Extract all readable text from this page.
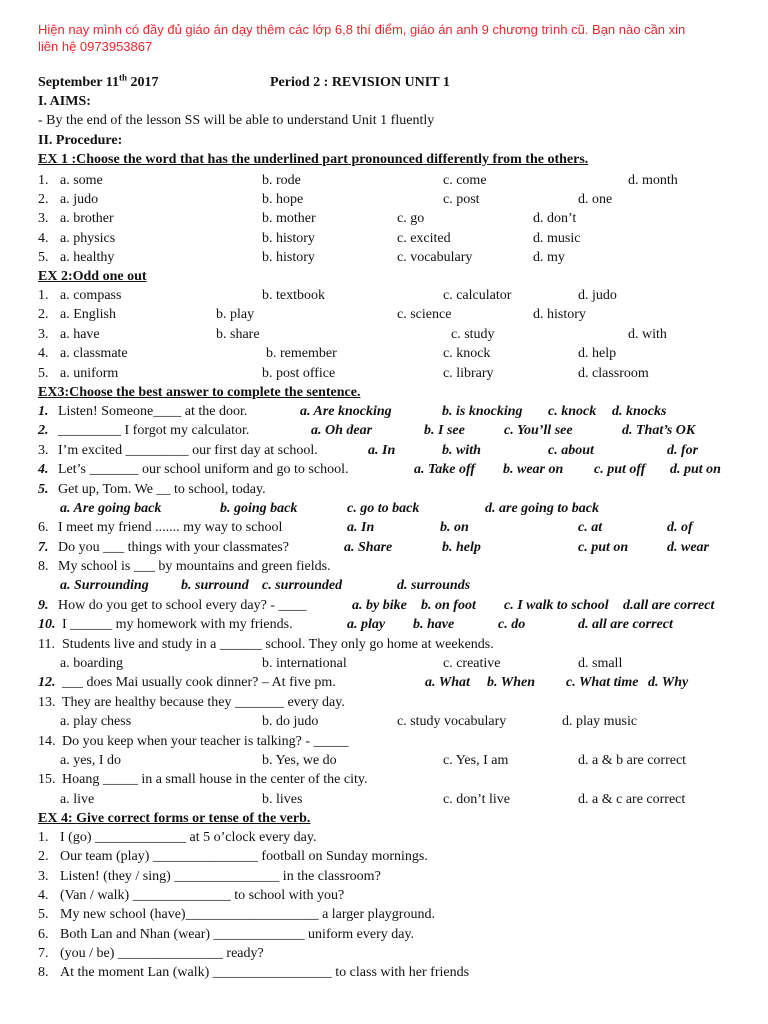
Hiện nay mình có đầy đủ giáo án dạy thêm các lớp 6,8 thí điểm, giáo án anh 9 chương trình cũ. Bạn nào cần xin
liên hệ 0973953867
September 11th 2017	Period 2 : REVISION UNIT 1
I. AIMS:
- By the end of the lesson SS will be able to understand Unit 1 fluently
II. Procedure:
EX 1 :Choose the word that has the underlined part pronounced differently from the others.
1. a. some	b. rode	c. come	d. month
2. a. judo	b. hope	c. post	d. one
3. a. brother	b. mother	c. go	d. don’t
4. a. physics	b. history	c. excited	d. music
5. a. healthy	b. history	c. vocabulary	d. my
EX 2:Odd one out
1. a. compass	b. textbook	c. calculator	d. judo
2. a. English	b. play	c. science	d. history
3. a. have	b. share	c. study	d. with
4. a. classmate	b. remember	c. knock	d. help
5. a. uniform	b. post office	c. library	d. classroom
EX3:Choose the best answer to complete the sentence.
1. Listen! Someone____ at the door.	a. Are knocking	b. is knocking c. knock d. knocks
2. _________ I forgot my calculator.	a. Oh dear	b. I see	c. You’ll see	d. That’s OK
3. I’m excited _________ our first day at school.	a. In	b. with	c. about	d. for
4. Let’s _______ our school uniform and go to school.	a. Take off b. wear on c. put off d. put on
5. Get up, Tom. We __ to school, today.
a. Are going back	b. going back	c. go to back	d. are going to back
6. I meet my friend ....... my way to school	a. In	b. on	c. at	d. of
7. Do you ___ things with your classmates?	a. Share	b. help	c. put on	d. wear
8. My school is ___ by mountains and green fields.
a. Surrounding b. surround c. surrounded	d. surrounds
9. How do you get to school every day? - ____	a. by bike b. on foot c. I walk to school d.all are correct
10. I ______ my homework with my friends.	a. play b. have	c. do	d. all are correct
11. Students live and study in a ______ school. They only go home at weekends.
a. boarding	b. international	c. creative	d. small
12. ___ does Mai usually cook dinner? – At five pm.	a. What b. When c. What time d. Why
13. They are healthy because they _______ every day.
a. play chess	b. do judo	c. study vocabulary	d. play music
14. Do you keep when your teacher is talking? - _____
a. yes, I do	b. Yes, we do	c. Yes, I am	d. a & b are correct
15. Hoang _____ in a small house in the center of the city.
a. live	b. lives	c. don’t live	d. a & c are correct
EX 4: Give correct forms or tense of the verb.
1. I (go) _____________ at 5 o’clock every day.
2. Our team (play) _______________ football on Sunday mornings.
3. Listen! (they / sing) _______________ in the classroom?
4. (Van / walk) ______________ to school with you?
5. My new school (have)___________________ a larger playground.
6. Both Lan and Nhan (wear) _____________ uniform every day.
7. (you / be) _______________ ready?
8. At the moment Lan (walk) _________________ to class with her friends
